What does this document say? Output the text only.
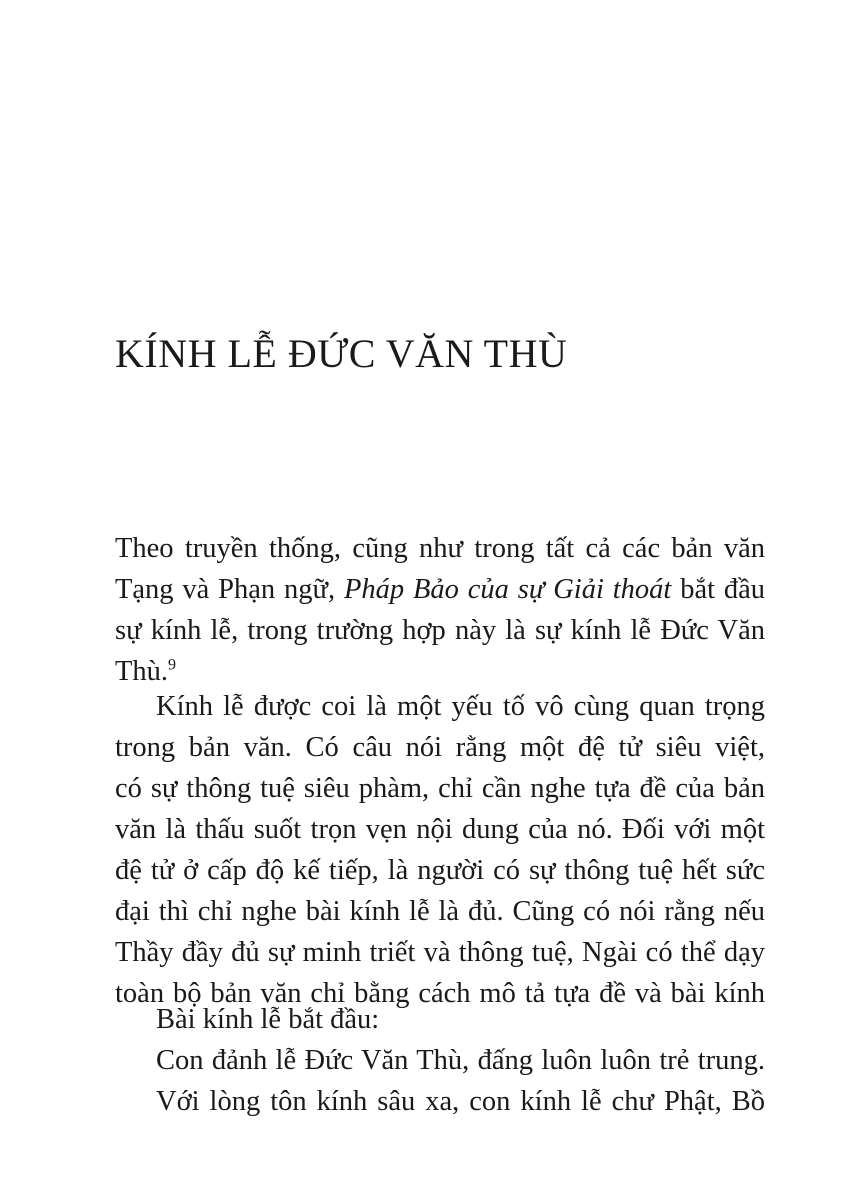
KÍNH LỄ ĐỨC VĂN THÙ
Theo truyền thống, cũng như trong tất cả các bản văn
Tạng và Phạn ngữ, Pháp Bảo của sự Giải thoát bắt đầu
sự kính lễ, trong trường hợp này là sự kính lễ Đức Văn
Thù.$^9$
Kính lễ được coi là một yếu tố vô cùng quan trọng
trong bản văn. Có câu nói rằng một đệ tử siêu việt,
có sự thông tuệ siêu phàm, chỉ cần nghe tựa đề của bản
văn là thấu suốt trọn vẹn nội dung của nó. Đối với một
đệ tử ở cấp độ kế tiếp, là người có sự thông tuệ hết sức
đại thì chỉ nghe bài kính lễ là đủ. Cũng có nói rằng nếu
Thầy đầy đủ sự minh triết và thông tuệ, Ngài có thể dạy
toàn bộ bản văn chỉ bằng cách mô tả tựa đề và bài kính
Bài kính lễ bắt đầu:
Con đảnh lễ Đức Văn Thù, đấng luôn luôn trẻ trung.
Với lòng tôn kính sâu xa, con kính lễ chư Phật, Bồ
